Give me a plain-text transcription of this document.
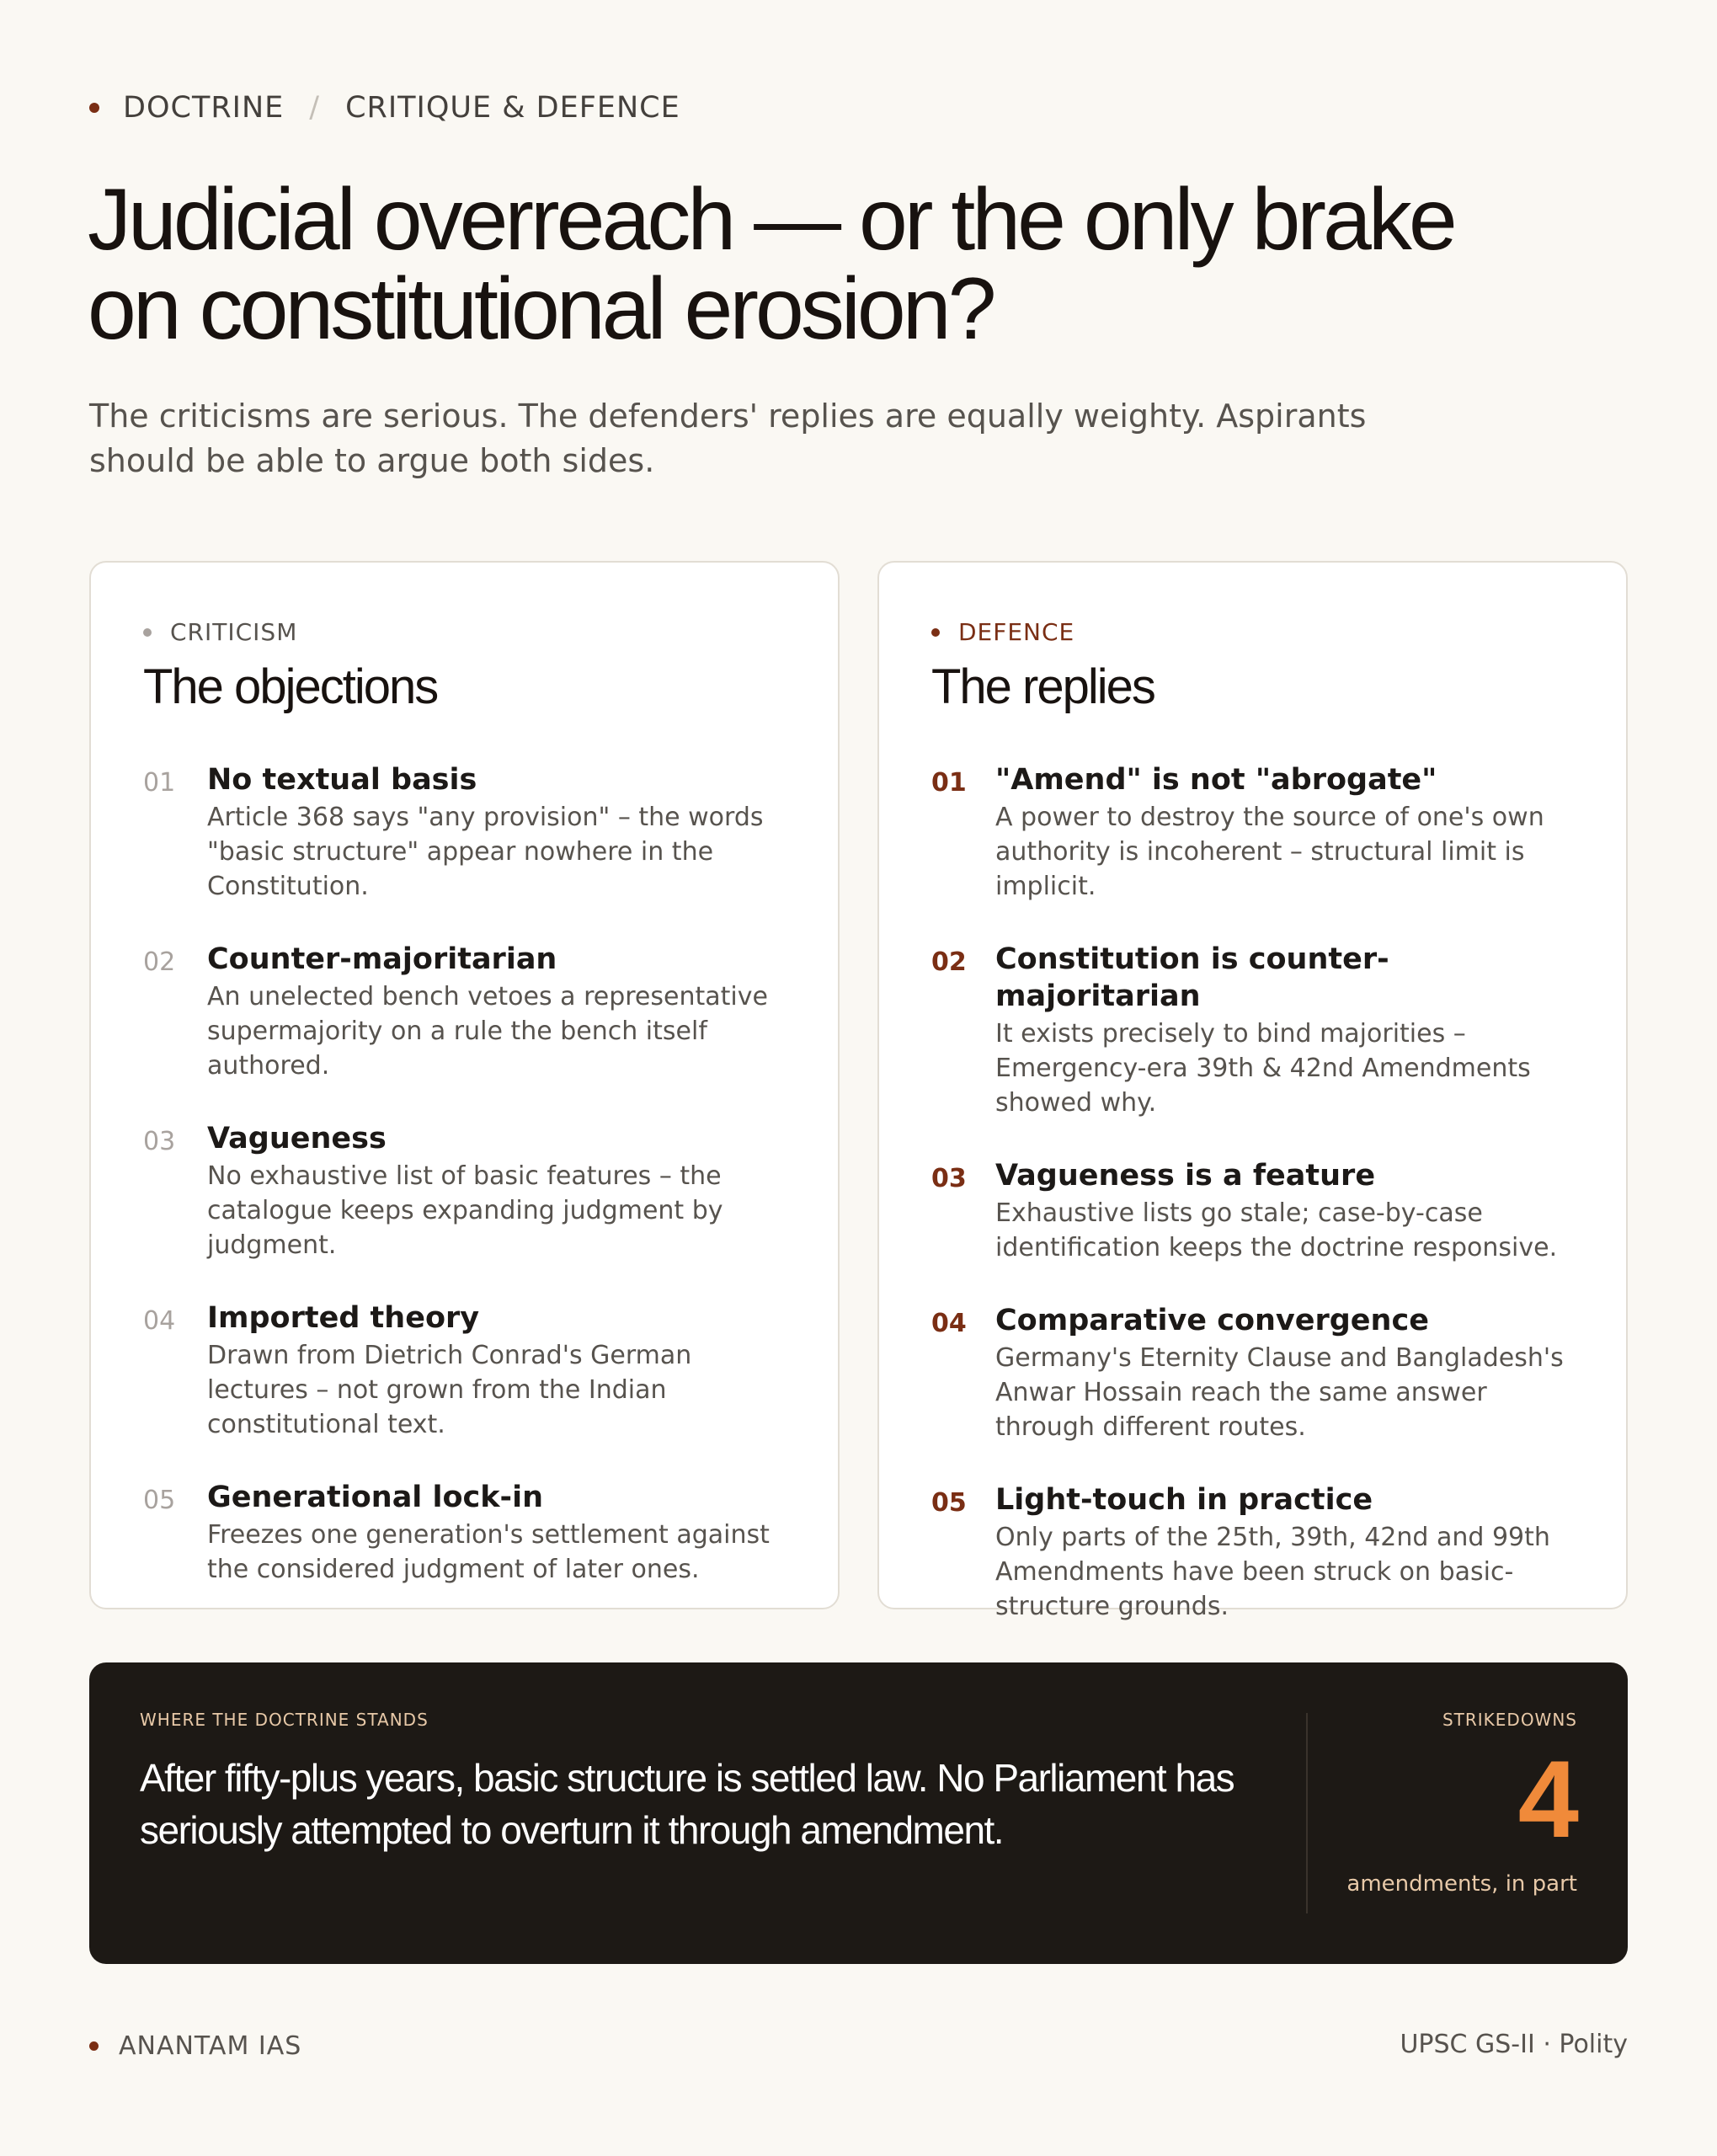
DOCTRINE / CRITIQUE & DEFENCE
Judicial overreach — or the only brake on constitutional erosion?

The criticisms are serious. The defenders' replies are equally weighty. Aspirants should be able to argue both sides.

CRITICISM
The objections
01	No textual basis
Article 368 says "any provision" – the words "basic structure" appear nowhere in the Constitution.
02	Counter-majoritarian
An unelected bench vetoes a representative supermajority on a rule the bench itself authored.
03	Vagueness
No exhaustive list of basic features – the catalogue keeps expanding judgment by judgment.
04	Imported theory
Drawn from Dietrich Conrad's German lectures – not grown from the Indian constitutional text.
05	Generational lock-in
Freezes one generation's settlement against the considered judgment of later ones.
DEFENCE
The replies
01 "Amend" is not "abrogate"
A power to destroy the source of one's own authority is incoherent – structural limit is implicit.
02 Constitution is counter-majoritarian
It exists precisely to bind majorities – Emergency-era 39th & 42nd Amendments showed why.
03 Vagueness is a feature
Exhaustive lists go stale; case-by-case identification keeps the doctrine responsive.
04 Comparative convergence
Germany's Eternity Clause and Bangladesh's Anwar Hossain reach the same answer through different routes.
05 Light-touch in practice
Only parts of the 25th, 39th, 42nd and 99th Amendments have been struck on basic-structure grounds.
WHERE THE DOCTRINE STANDS
After fifty-plus years, basic structure is settled law. No Parliament has seriously attempted to overturn it through amendment.
STRIKEDOWNS
4
amendments, in part
ANANTAM IAS	UPSC GS-II · Polity
